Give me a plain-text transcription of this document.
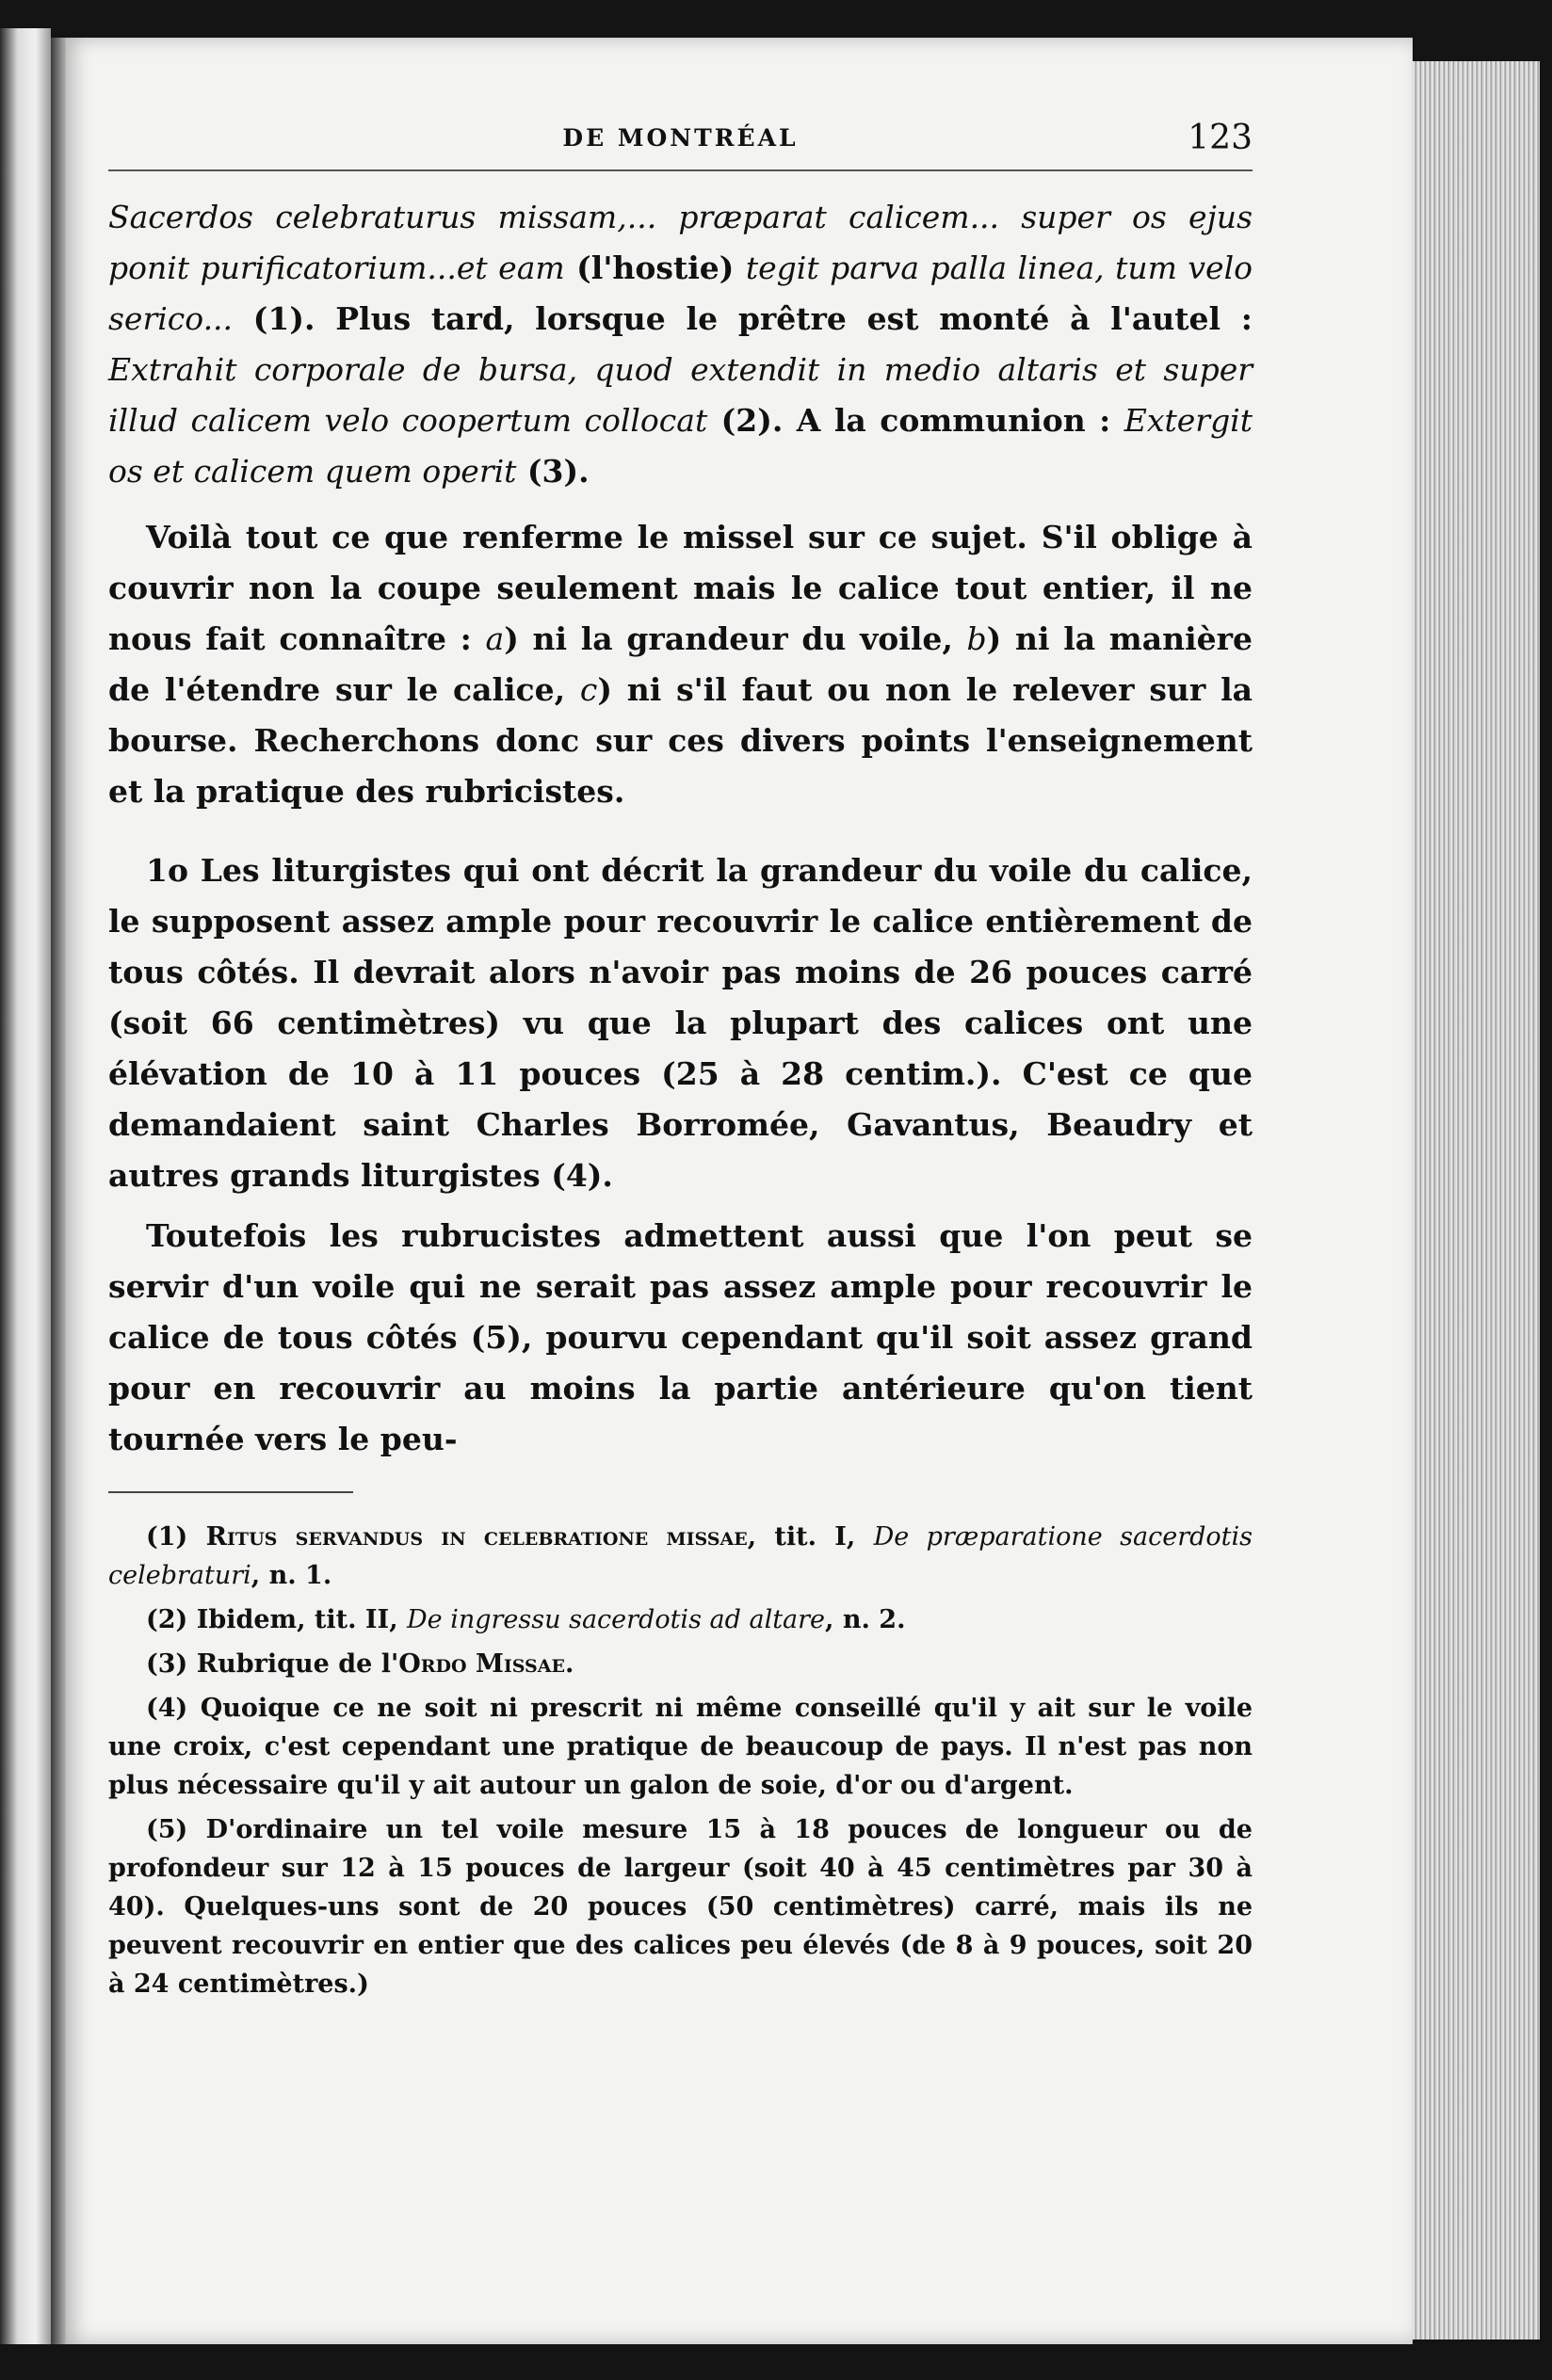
DE MONTRÉAL	123

Sacerdos celebraturus missam,... præparat calicem... super os ejus ponit purificatorium...et eam (l'hostie) tegit parva palla linea, tum velo serico... (1). Plus tard, lorsque le prêtre est monté à l'autel : Extrahit corporale de bursa, quod extendit in medio altaris et super illud calicem velo coopertum collocat (2). A la communion : Extergit os et calicem quem operit (3).

Voilà tout ce que renferme le missel sur ce sujet. S'il oblige à couvrir non la coupe seulement mais le calice tout entier, il ne nous fait connaître : a) ni la grandeur du voile, b) ni la manière de l'étendre sur le calice, c) ni s'il faut ou non le relever sur la bourse. Recherchons donc sur ces divers points l'enseignement et la pratique des rubricistes.

1o Les liturgistes qui ont décrit la grandeur du voile du calice, le supposent assez ample pour recouvrir le calice entièrement de tous côtés. Il devrait alors n'avoir pas moins de 26 pouces carré (soit 66 centimètres) vu que la plupart des calices ont une élévation de 10 à 11 pouces (25 à 28 centim.). C'est ce que demandaient saint Charles Borromée, Gavantus, Beaudry et autres grands liturgistes (4).

Toutefois les rubrucistes admettent aussi que l'on peut se servir d'un voile qui ne serait pas assez ample pour recouvrir le calice de tous côtés (5), pourvu cependant qu'il soit assez grand pour en recouvrir au moins la partie antérieure qu'on tient tournée vers le peu-

(1) Ritus servandus in celebratione missae, tit. I, De præparatione sacerdotis celebraturi, n. 1.

(2) Ibidem, tit. II, De ingressu sacerdotis ad altare, n. 2.

(3) Rubrique de l'Ordo Missae.

(4) Quoique ce ne soit ni prescrit ni même conseillé qu'il y ait sur le voile une croix, c'est cependant une pratique de beaucoup de pays. Il n'est pas non plus nécessaire qu'il y ait autour un galon de soie, d'or ou d'argent.

(5) D'ordinaire un tel voile mesure 15 à 18 pouces de longueur ou de profondeur sur 12 à 15 pouces de largeur (soit 40 à 45 centimètres par 30 à 40). Quelques-uns sont de 20 pouces (50 centimètres) carré, mais ils ne peuvent recouvrir en entier que des calices peu élevés (de 8 à 9 pouces, soit 20 à 24 centimètres.)
